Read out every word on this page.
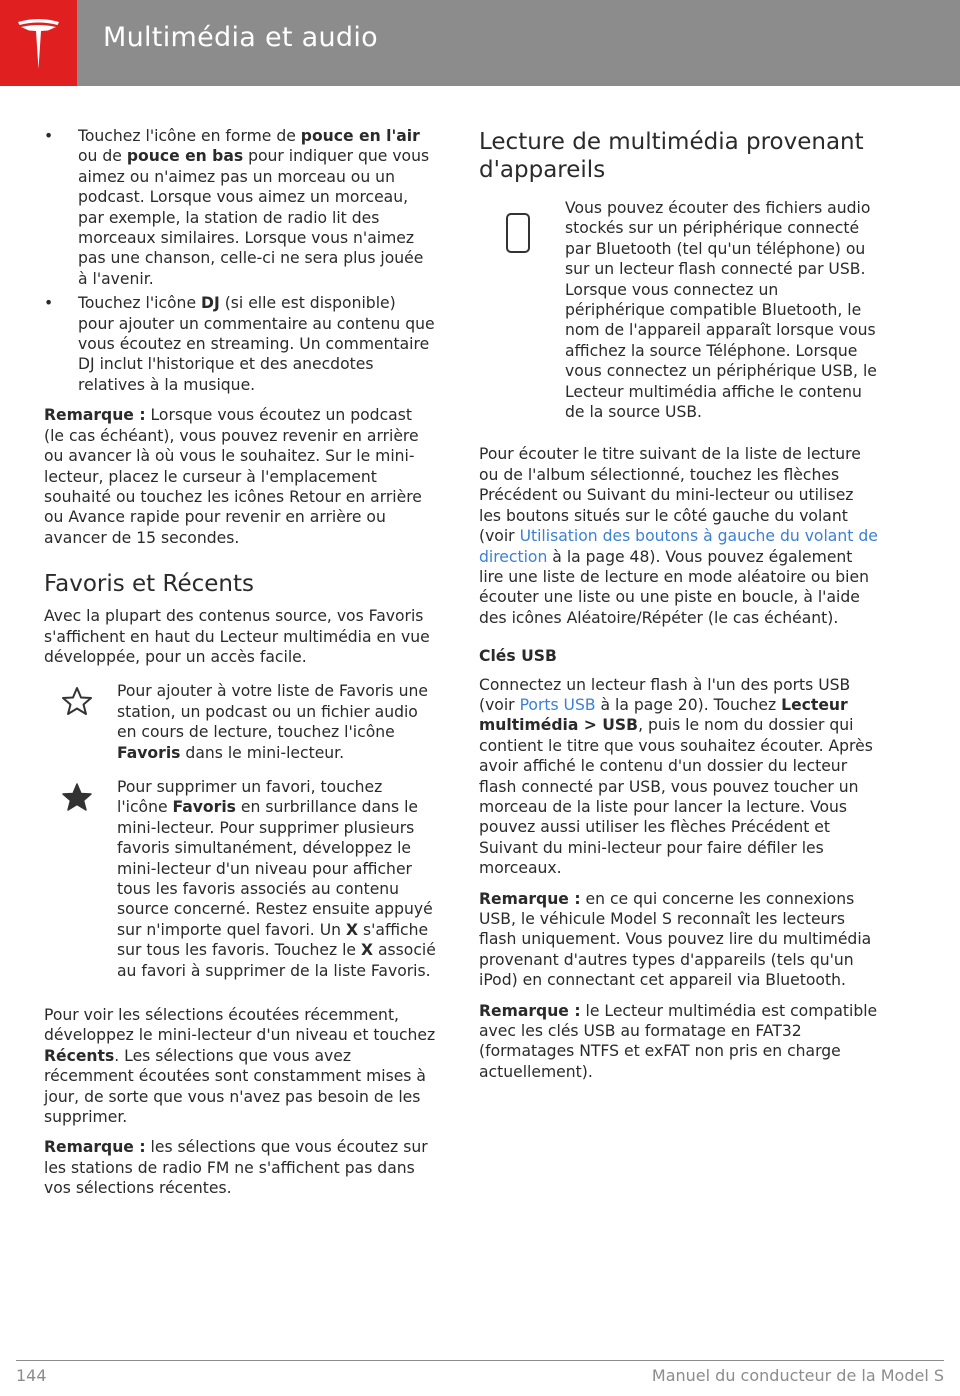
Multimédia et audio
• Touchez l'icône en forme de pouce en l'air ou de pouce en bas pour indiquer que vous aimez ou n'aimez pas un morceau ou un podcast. Lorsque vous aimez un morceau, par exemple, la station de radio lit des morceaux similaires. Lorsque vous n'aimez pas une chanson, celle-ci ne sera plus jouée à l'avenir.
• Touchez l'icône DJ (si elle est disponible) pour ajouter un commentaire au contenu que vous écoutez en streaming. Un commentaire DJ inclut l'historique et des anecdotes relatives à la musique.

Remarque : Lorsque vous écoutez un podcast (le cas échéant), vous pouvez revenir en arrière ou avancer là où vous le souhaitez. Sur le mini-lecteur, placez le curseur à l'emplacement souhaité ou touchez les icônes Retour en arrière ou Avance rapide pour revenir en arrière ou avancer de 15 secondes.

Favoris et Récents

Avec la plupart des contenus source, vos Favoris s'affichent en haut du Lecteur multimédia en vue développée, pour un accès facile.

Pour ajouter à votre liste de Favoris une station, un podcast ou un fichier audio en cours de lecture, touchez l'icône Favoris dans le mini-lecteur.
Pour supprimer un favori, touchez l'icône Favoris en surbrillance dans le mini-lecteur. Pour supprimer plusieurs favoris simultanément, développez le mini-lecteur d'un niveau pour afficher tous les favoris associés au contenu source concerné. Restez ensuite appuyé sur n'importe quel favori. Un X s'affiche sur tous les favoris. Touchez le X associé au favori à supprimer de la liste Favoris.

Pour voir les sélections écoutées récemment, développez le mini-lecteur d'un niveau et touchez Récents. Les sélections que vous avez récemment écoutées sont constamment mises à jour, de sorte que vous n'avez pas besoin de les supprimer.

Remarque : les sélections que vous écoutez sur les stations de radio FM ne s'affichent pas dans vos sélections récentes.

Lecture de multimédia provenant d'appareils
Vous pouvez écouter des fichiers audio stockés sur un périphérique connecté par Bluetooth (tel qu'un téléphone) ou sur un lecteur flash connecté par USB. Lorsque vous connectez un périphérique compatible Bluetooth, le nom de l'appareil apparaît lorsque vous affichez la source Téléphone. Lorsque vous connectez un périphérique USB, le Lecteur multimédia affiche le contenu de la source USB.

Pour écouter le titre suivant de la liste de lecture ou de l'album sélectionné, touchez les flèches Précédent ou Suivant du mini-lecteur ou utilisez les boutons situés sur le côté gauche du volant (voir Utilisation des boutons à gauche du volant de direction à la page 48). Vous pouvez également lire une liste de lecture en mode aléatoire ou bien écouter une liste ou une piste en boucle, à l'aide des icônes Aléatoire/Répéter (le cas échéant).

Clés USB

Connectez un lecteur flash à l'un des ports USB (voir Ports USB à la page 20). Touchez Lecteur multimédia > USB, puis le nom du dossier qui contient le titre que vous souhaitez écouter. Après avoir affiché le contenu d'un dossier du lecteur flash connecté par USB, vous pouvez toucher un morceau de la liste pour lancer la lecture. Vous pouvez aussi utiliser les flèches Précédent et Suivant du mini-lecteur pour faire défiler les morceaux.

Remarque : en ce qui concerne les connexions USB, le véhicule Model S reconnaît les lecteurs flash uniquement. Vous pouvez lire du multimédia provenant d'autres types d'appareils (tels qu'un iPod) en connectant cet appareil via Bluetooth.

Remarque : le Lecteur multimédia est compatible avec les clés USB au formatage en FAT32 (formatages NTFS et exFAT non pris en charge actuellement).

144	Manuel du conducteur de la Model S
